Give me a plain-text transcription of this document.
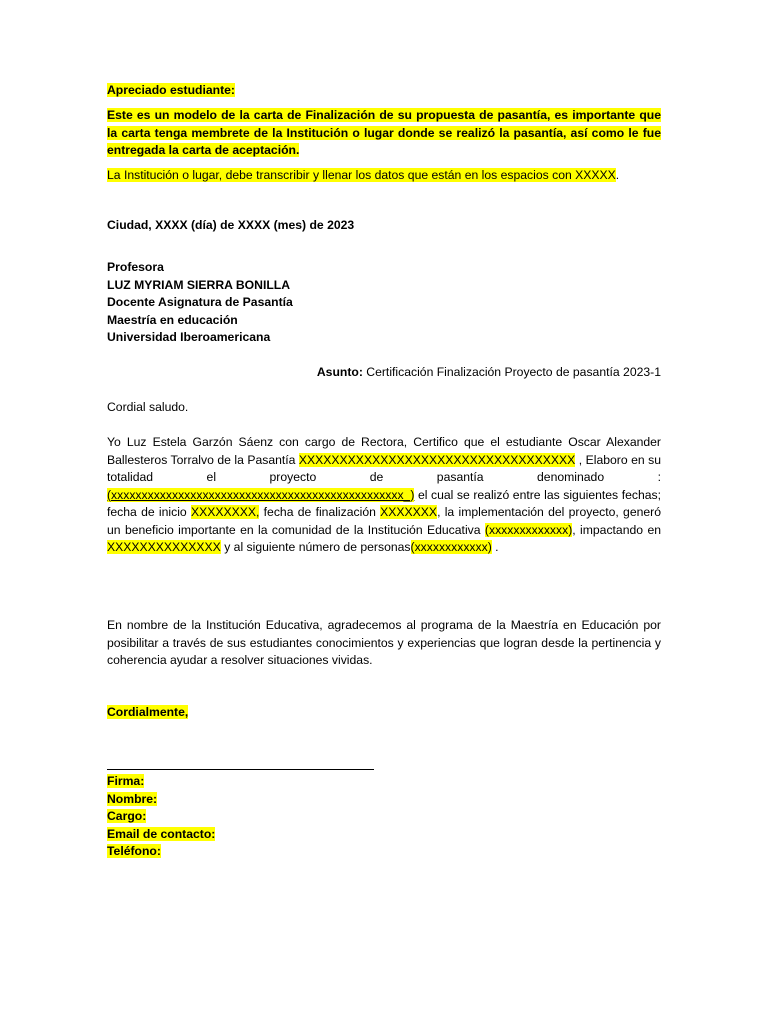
Apreciado estudiante:
Este es un modelo de la carta de Finalización de su propuesta de pasantía, es importante que la carta tenga membrete de la Institución o lugar donde se realizó la pasantía, así como le fue entregada la carta de aceptación.
La Institución o lugar, debe transcribir y llenar los datos que están en los espacios con XXXXX.
Ciudad, XXXX (día) de XXXX (mes) de 2023
Profesora
LUZ MYRIAM SIERRA BONILLA
Docente Asignatura de Pasantía
Maestría en educación
Universidad Iberoamericana
Asunto: Certificación Finalización Proyecto de pasantía 2023-1
Cordial saludo.
Yo Luz Estela Garzón Sáenz con cargo de Rectora, Certifico que el estudiante Oscar Alexander Ballesteros Torralvo de la Pasantía XXXXXXXXXXXXXXXXXXXXXXXXXXXXXXXXXX , Elaboro en su totalidad el proyecto de pasantía denominado : (xxxxxxxxxxxxxxxxxxxxxxxxxxxxxxxxxxxxxxxxxxxxxxxx_) el cual se realizó entre las siguientes fechas; fecha de inicio XXXXXXXX, fecha de finalización XXXXXXX, la implementación del proyecto, generó un beneficio importante en la comunidad de la Institución Educativa (xxxxxxxxxxxxx), impactando en XXXXXXXXXXXXXX y al siguiente número de personas(xxxxxxxxxxxx) .
En nombre de la Institución Educativa, agradecemos al programa de la Maestría en Educación por posibilitar a través de sus estudiantes conocimientos y experiencias que logran desde la pertinencia y coherencia ayudar a resolver situaciones vividas.
Cordialmente,
Firma:
Nombre:
Cargo:
Email de contacto:
Teléfono:
